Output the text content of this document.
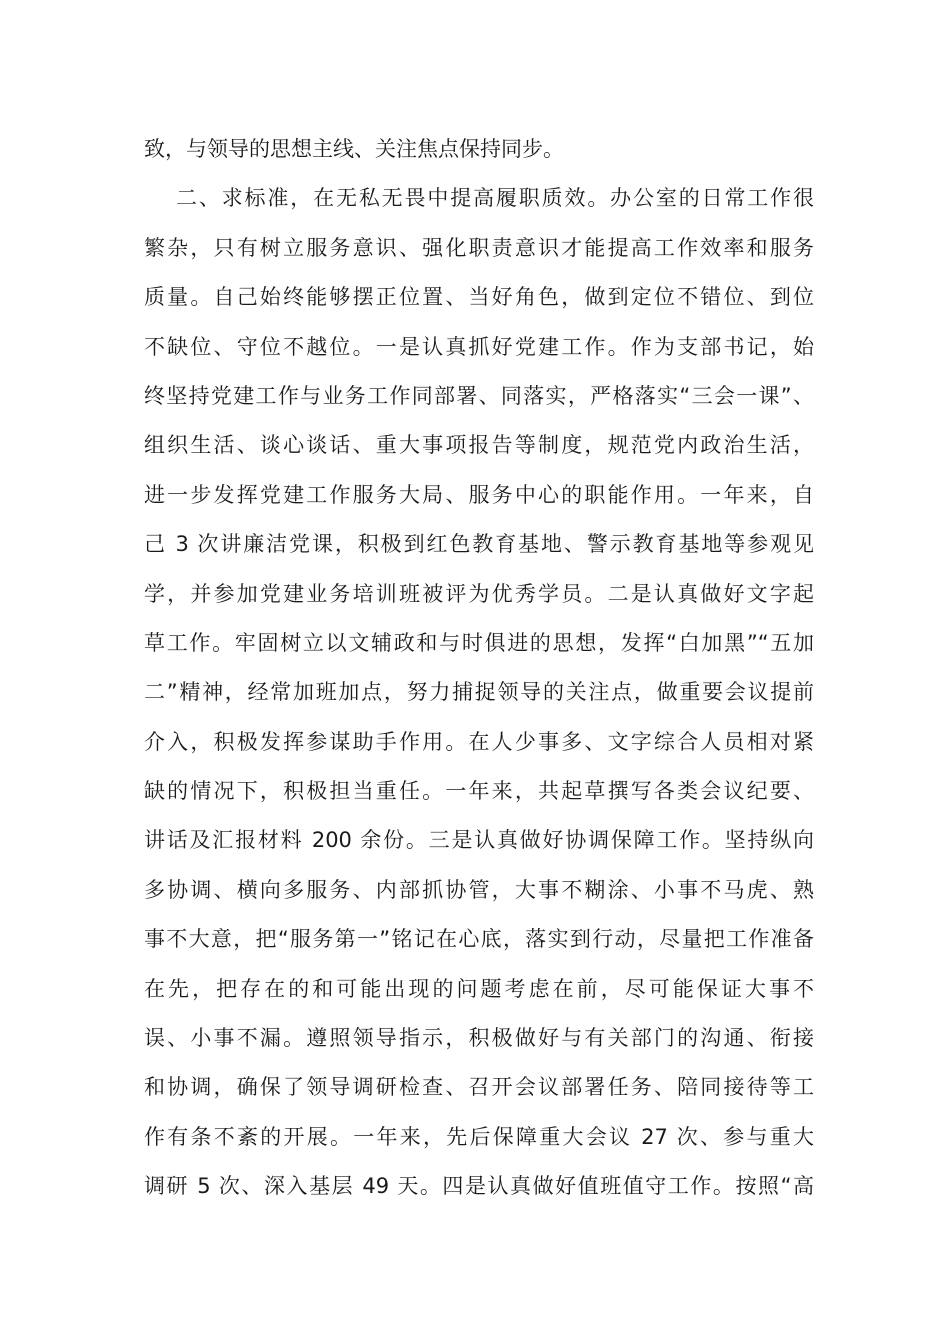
致，与领导的思想主线、关注焦点保持同步。
二、求标准，在无私无畏中提高履职质效。办公室的日常工作很
繁杂，只有树立服务意识、强化职责意识才能提高工作效率和服务
质量。自己始终能够摆正位置、当好角色，做到定位不错位、到位
不缺位、守位不越位。一是认真抓好党建工作。作为支部书记，始
终坚持党建工作与业务工作同部署、同落实，严格落实“三会一课”、
组织生活、谈心谈话、重大事项报告等制度，规范党内政治生活，
进一步发挥党建工作服务大局、服务中心的职能作用。一年来，自
己 3 次讲廉洁党课，积极到红色教育基地、警示教育基地等参观见
学，并参加党建业务培训班被评为优秀学员。二是认真做好文字起
草工作。牢固树立以文辅政和与时俱进的思想，发挥“白加黑”“五加
二”精神，经常加班加点，努力捕捉领导的关注点，做重要会议提前
介入，积极发挥参谋助手作用。在人少事多、文字综合人员相对紧
缺的情况下，积极担当重任。一年来，共起草撰写各类会议纪要、
讲话及汇报材料 200 余份。三是认真做好协调保障工作。坚持纵向
多协调、横向多服务、内部抓协管，大事不糊涂、小事不马虎、熟
事不大意，把“服务第一”铭记在心底，落实到行动，尽量把工作准备
在先，把存在的和可能出现的问题考虑在前，尽可能保证大事不
误、小事不漏。遵照领导指示，积极做好与有关部门的沟通、衔接
和协调，确保了领导调研检查、召开会议部署任务、陪同接待等工
作有条不紊的开展。一年来，先后保障重大会议 27 次、参与重大
调研 5 次、深入基层 49 天。四是认真做好值班值守工作。按照“高
